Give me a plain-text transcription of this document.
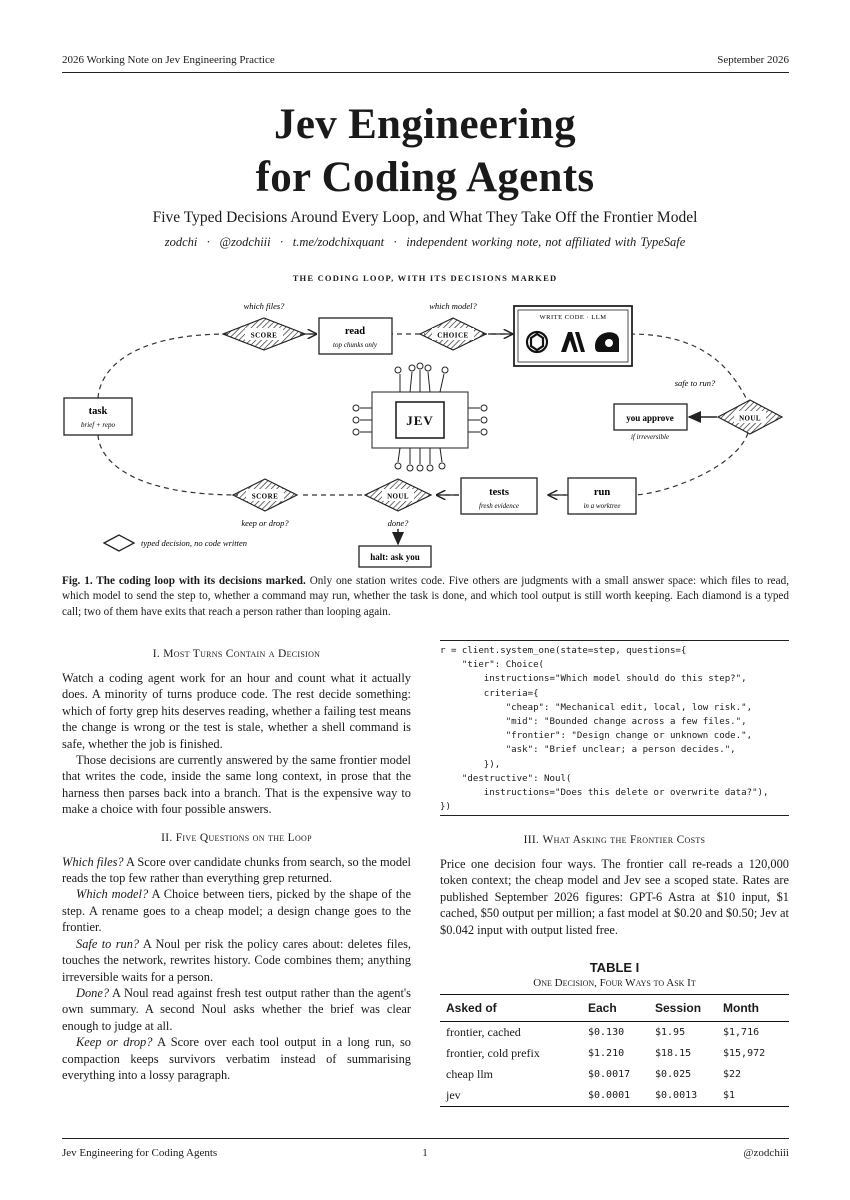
2026 Working Note on Jev Engineering Practice	September 2026
Jev Engineering
for Coding Agents
Five Typed Decisions Around Every Loop, and What They Take Off the Frontier Model
zodchi · @zodchiii · t.me/zodchixquant · independent working note, not affiliated with TypeSafe
THE CODING LOOP, WITH ITS DECISIONS MARKED
typed decision, no code written
task
brief + repo
which files?
SCORE	read
top chunks only
which model?
CHOICE
WRITE CODE · LLM
JEV
safe to run?
NOUL
you approve
if irreversible
run
in a worktree
tests
fresh evidence
NOUL
done?
halt: ask you
SCORE
keep or drop?
Fig. 1. The coding loop with its decisions marked. Only one station writes code. Five others are judgments with a small answer space: which files to read, which model to send the step to, whether a command may run, whether the task is done, and which tool output is still worth keeping. Each diamond is a typed call; two of them have exits that reach a person rather than looping again.
I. Most Turns Contain a Decision

Watch a coding agent work for an hour and count what it actually does. A minority of turns produce code. The rest decide something: which of forty grep hits deserves reading, whether a failing test means the change is wrong or the test is stale, whether a shell command is safe, whether the job is finished.

Those decisions are currently answered by the same frontier model that writes the code, inside the same long context, in prose that the harness then parses back into a branch. That is the expensive way to make a choice with four possible answers.

II. Five Questions on the Loop

Which files? A Score over candidate chunks from search, so the model reads the top few rather than everything grep returned.

Which model? A Choice between tiers, picked by the shape of the step. A rename goes to a cheap model; a design change goes to the frontier.

Safe to run? A Noul per risk the policy cares about: deletes files, touches the network, rewrites history. Code combines them; anything irreversible waits for a person.

Done? A Noul read against fresh test output rather than the agent's own summary. A second Noul asks whether the brief was clear enough to judge at all.

Keep or drop? A Score over each tool output in a long run, so compaction keeps survivors verbatim instead of summarising everything into a lossy paragraph.

r = client.system_one(state=step, questions={
"tier": Choice(
instructions="Which model should do this step?",
criteria={
"cheap": "Mechanical edit, local, low risk.",
"mid": "Bounded change across a few files.",
"frontier": "Design change or unknown code.",
"ask": "Brief unclear; a person decides.",
}),
"destructive": Noul(
instructions="Does this delete or overwrite data?"),
})
III. What Asking the Frontier Costs

Price one decision four ways. The frontier call re-reads a 120,000 token context; the cheap model and Jev see a scoped state. Rates are published September 2026 figures: GPT-6 Astra at $10 input, $1 cached, $50 output per million; a fast model at $0.20 and $0.50; Jev at $0.042 input with output listed free.

TABLE I
One Decision, Four Ways to Ask It
Asked of	Each	Session	Month
frontier, cached	$0.130	$1.95	$1,716
frontier, cold prefix	$1.210	$18.15	$15,972
cheap llm	$0.0017	$0.025	$22
jev	$0.0001	$0.0013	$1
Jev Engineering for Coding Agents	1	@zodchiii
